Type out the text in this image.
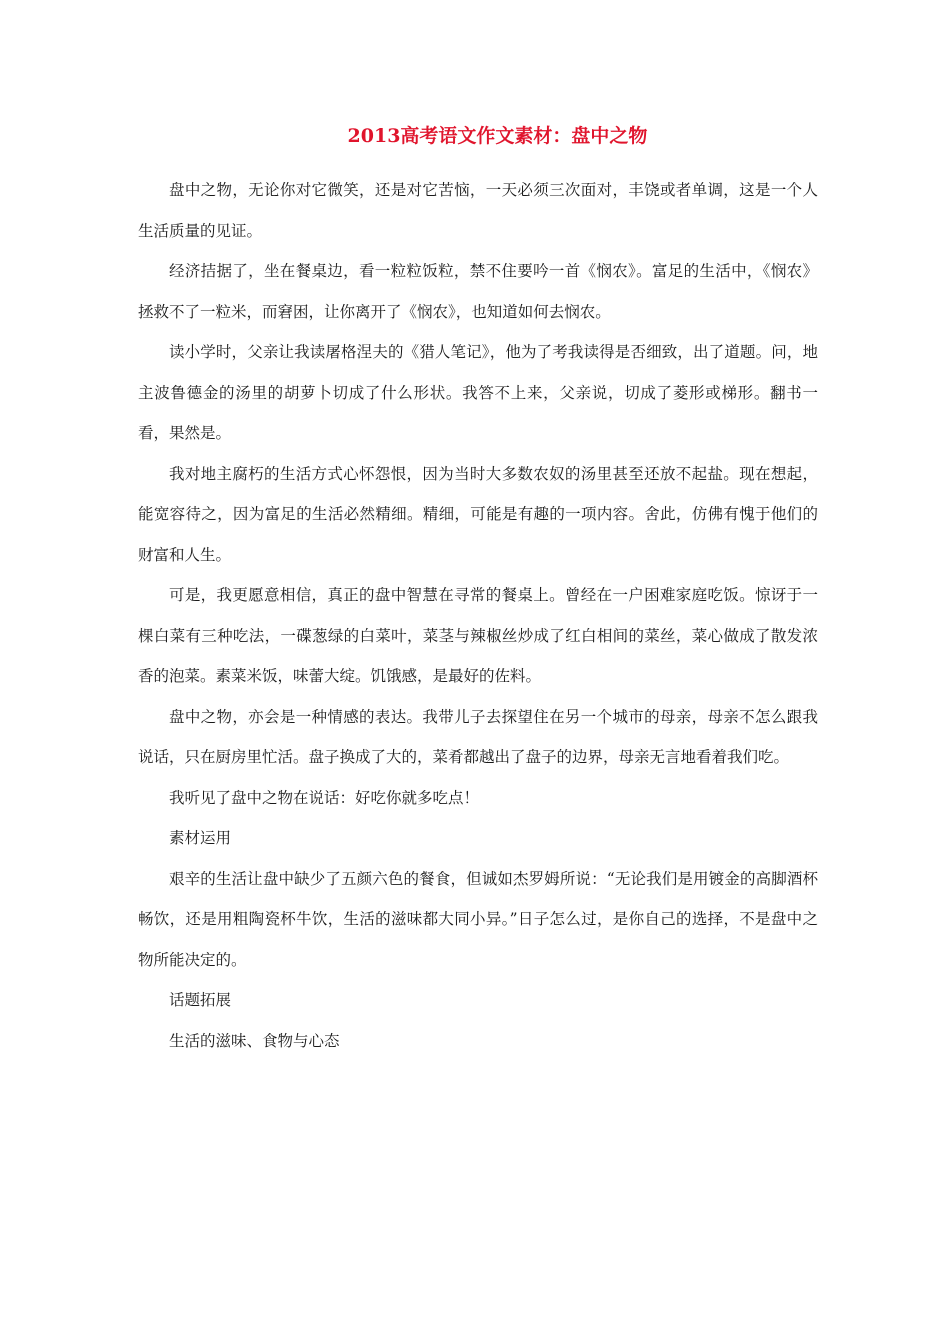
2013高考语文作文素材：盘中之物

盘中之物，无论你对它微笑，还是对它苦恼，一天必须三次面对，丰饶或者单调，这是一个人生活质量的见证。

经济拮据了，坐在餐桌边，看一粒粒饭粒，禁不住要吟一首《悯农》。富足的生活中，《悯农》拯救不了一粒米，而窘困，让你离开了《悯农》，也知道如何去悯农。

读小学时，父亲让我读屠格涅夫的《猎人笔记》，他为了考我读得是否细致，出了道题。问，地主波鲁德金的汤里的胡萝卜切成了什么形状。我答不上来，父亲说，切成了菱形或梯形。翻书一看，果然是。

我对地主腐朽的生活方式心怀怨恨，因为当时大多数农奴的汤里甚至还放不起盐。现在想起，能宽容待之，因为富足的生活必然精细。精细，可能是有趣的一项内容。舍此，仿佛有愧于他们的财富和人生。

可是，我更愿意相信，真正的盘中智慧在寻常的餐桌上。曾经在一户困难家庭吃饭。惊讶于一棵白菜有三种吃法，一碟葱绿的白菜叶，菜茎与辣椒丝炒成了红白相间的菜丝，菜心做成了散发浓香的泡菜。素菜米饭，味蕾大绽。饥饿感，是最好的佐料。

盘中之物，亦会是一种情感的表达。我带儿子去探望住在另一个城市的母亲，母亲不怎么跟我说话，只在厨房里忙活。盘子换成了大的，菜肴都越出了盘子的边界，母亲无言地看着我们吃。

我听见了盘中之物在说话：好吃你就多吃点！

素材运用

艰辛的生活让盘中缺少了五颜六色的餐食，但诚如杰罗姆所说：“无论我们是用镀金的高脚酒杯畅饮，还是用粗陶瓷杯牛饮，生活的滋味都大同小异。”日子怎么过，是你自己的选择，不是盘中之物所能决定的。

话题拓展

生活的滋味、食物与心态
